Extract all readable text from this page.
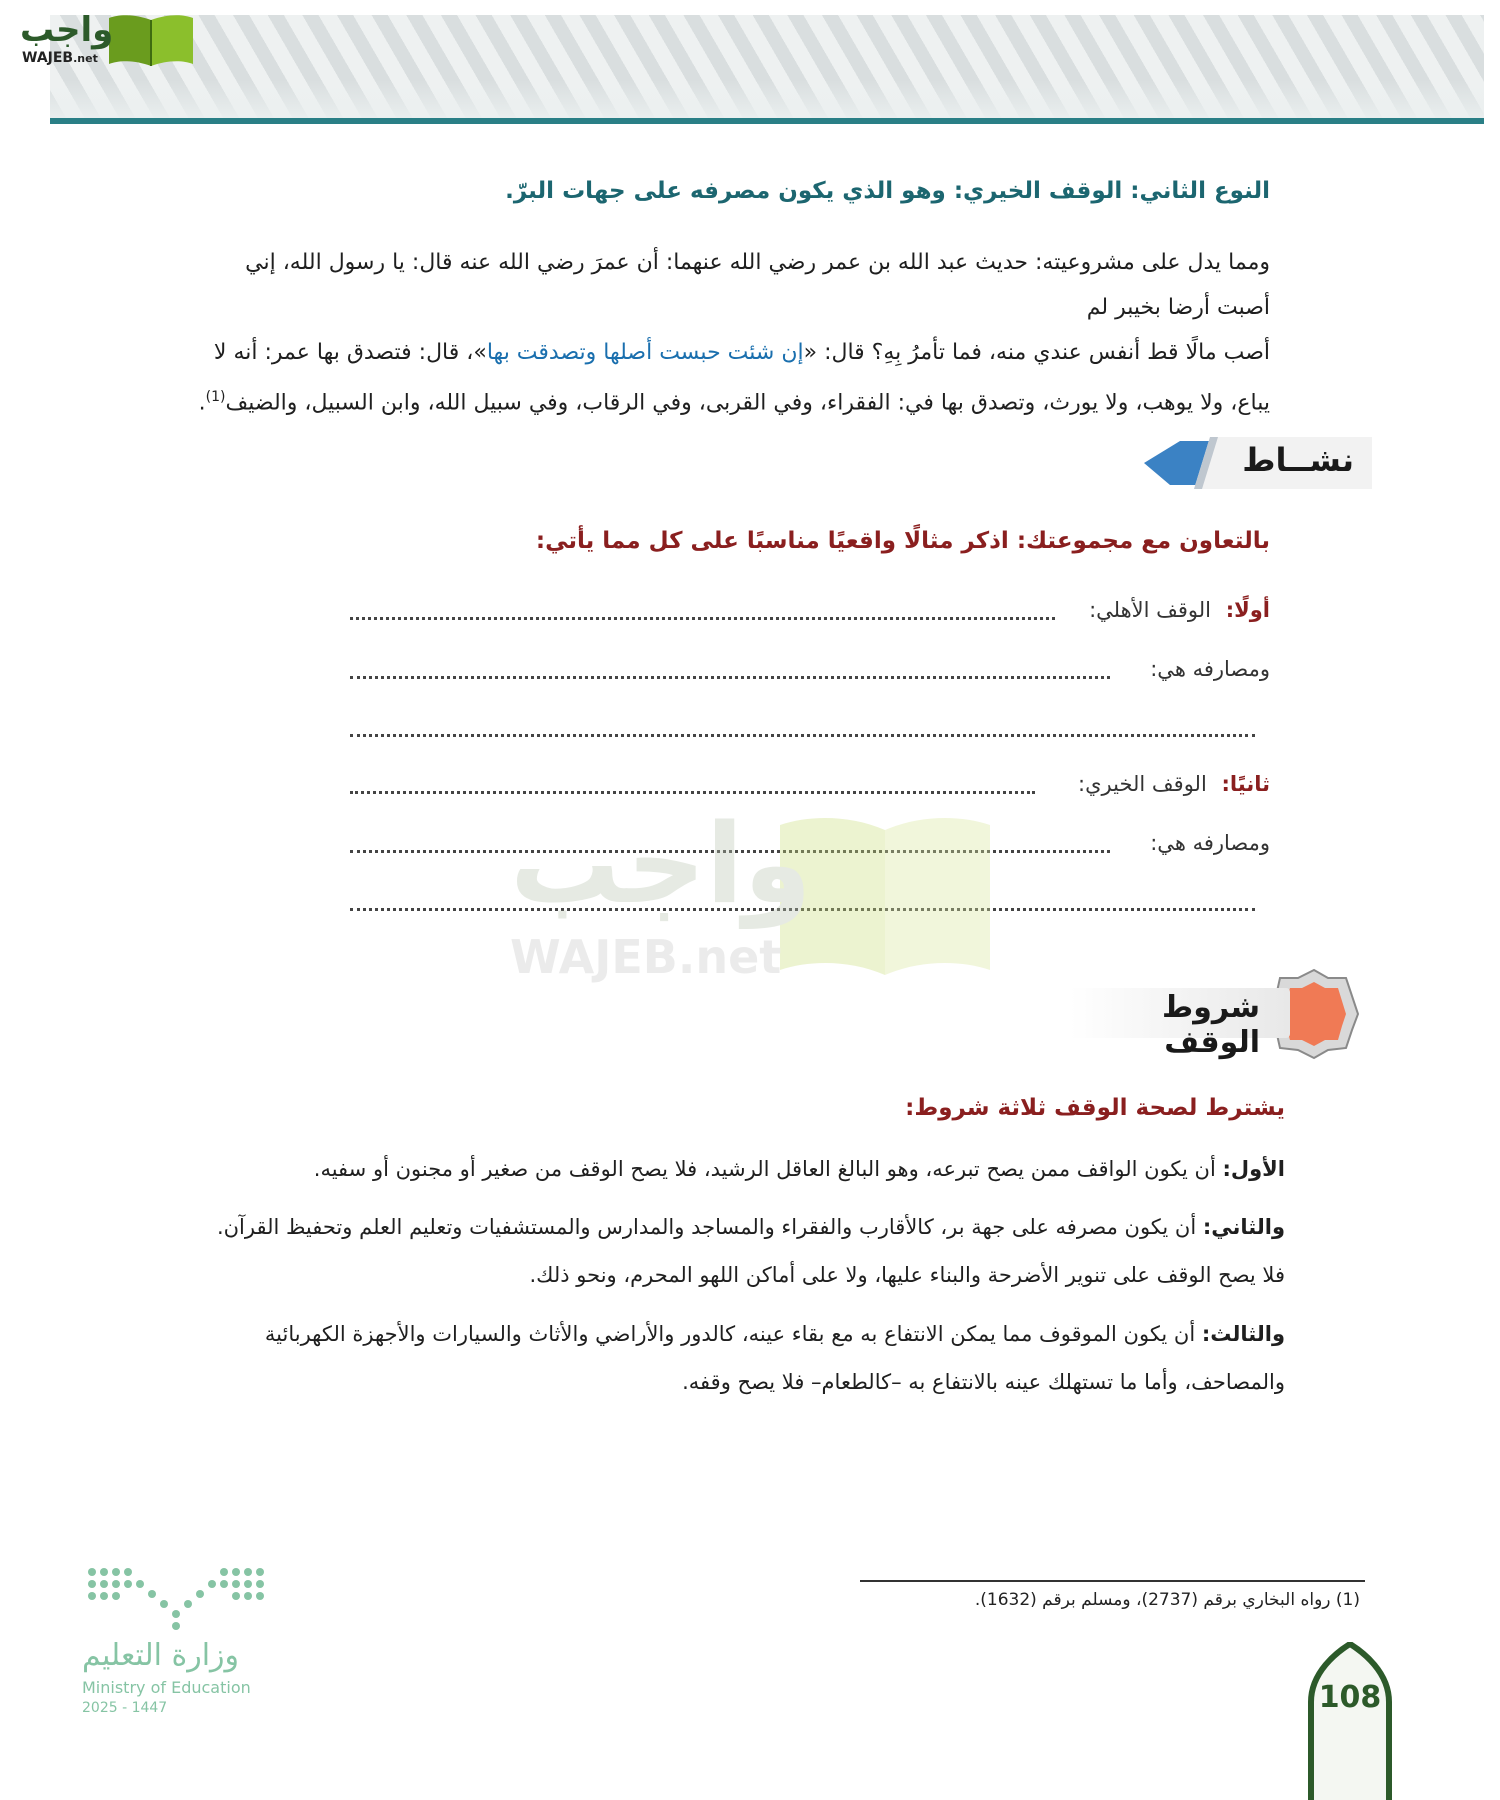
واجب
WAJEB.net
النوع الثاني: الوقف الخيري: وهو الذي يكون مصرفه على جهات البرّ.
ومما يدل على مشروعيته: حديث عبد الله بن عمر رضي الله عنهما: أن عمرَ رضي الله عنه قال: يا رسول الله، إني أصبت أرضا بخيبر لم
أصب مالًا قط أنفس عندي منه، فما تأمرُ بِهِ؟ قال: «إن شئت حبست أصلها وتصدقت بها»، قال: فتصدق بها عمر: أنه لا
يباع، ولا يوهب، ولا يورث، وتصدق بها في: الفقراء، وفي القربى، وفي الرقاب، وفي سبيل الله، وابن السبيل، والضيف$^{(1)}$.
نشــاط
بالتعاون مع مجموعتك: اذكر مثالًا واقعيًا مناسبًا على كل مما يأتي:
أولًا: الوقف الأهلي:
ومصارفه هي:
ثانيًا: الوقف الخيري:
ومصارفه هي:
واجب
WAJEB.net
شروط الوقف
يشترط لصحة الوقف ثلاثة شروط:
الأول: أن يكون الواقف ممن يصح تبرعه، وهو البالغ العاقل الرشيد، فلا يصح الوقف من صغير أو مجنون أو سفيه.
والثاني: أن يكون مصرفه على جهة بر، كالأقارب والفقراء والمساجد والمدارس والمستشفيات وتعليم العلم وتحفيظ القرآن.
فلا يصح الوقف على تنوير الأضرحة والبناء عليها، ولا على أماكن اللهو المحرم، ونحو ذلك.
والثالث: أن يكون الموقوف مما يمكن الانتفاع به مع بقاء عينه، كالدور والأراضي والأثاث والسيارات والأجهزة الكهربائية
والمصاحف، وأما ما تستهلك عينه بالانتفاع به –كالطعام– فلا يصح وقفه.
(1) رواه البخاري برقم (2737)، ومسلم برقم (1632).
وزارة التعليم
Ministry of Education
2025 - 1447	108
